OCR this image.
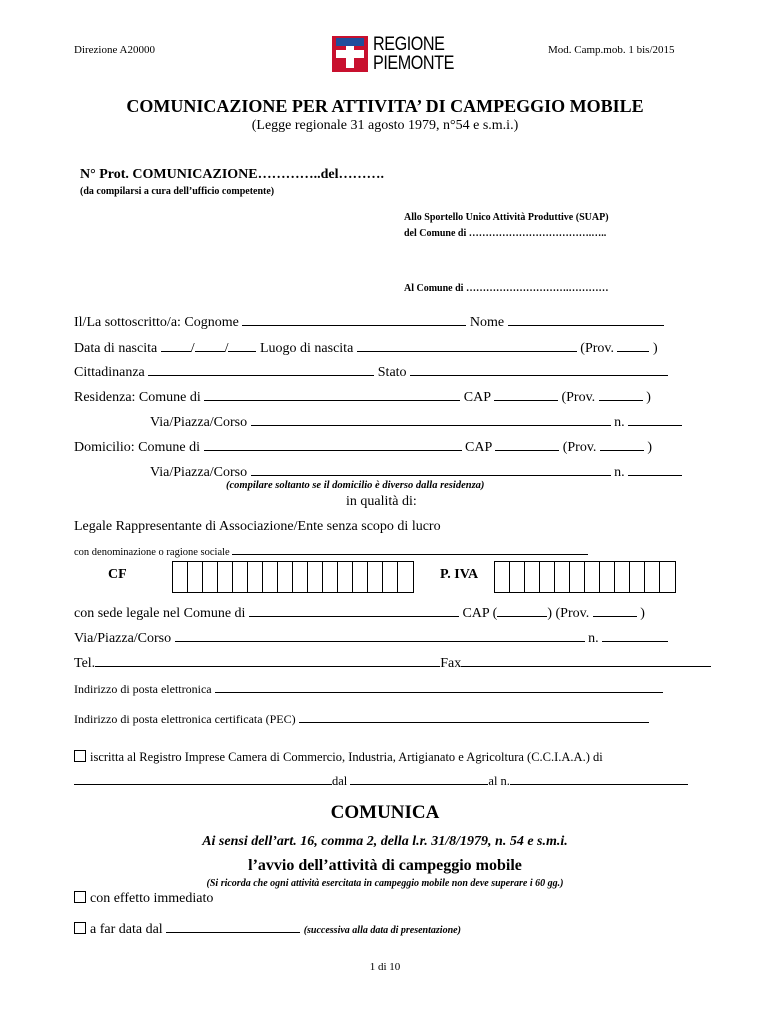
Direzione A20000	Mod. Camp.mob. 1 bis/2015
REGIONE
PIEMONTE
COMUNICAZIONE PER ATTIVITA’ DI CAMPEGGIO MOBILE
(Legge regionale 31 agosto 1979, n°54 e s.m.i.)
N° Prot. COMUNICAZIONE…………..del……….
(da compilarsi a cura dell’ufficio competente)
Allo Sportello Unico Attività Produttive (SUAP)
del Comune di ……………………………….…..
Al Comune di ………………………….…………
Il/La sottoscritto/a: Cognome	Nome
Data di nascita / / Luogo di nascita	(Prov.	)
Cittadinanza	Stato
Residenza: Comune di	CAP	(Prov.	)
Via/Piazza/Corso	n.
Domicilio: Comune di	CAP	(Prov.	)
Via/Piazza/Corso	n.
(compilare soltanto se il domicilio è diverso dalla residenza)
in qualità di:
Legale Rappresentante di Associazione/Ente senza scopo di lucro
con denominazione o ragione sociale
CF	P. IVA
con sede legale nel Comune di	CAP (	) (Prov.	)
Via/Piazza/Corso	n.
Tel.	Fax
Indirizzo di posta elettronica
Indirizzo di posta elettronica certificata (PEC)
iscritta al Registro Imprese Camera di Commercio, Industria, Artigianato e Agricoltura (C.C.I.A.A.) di
dal	al n.
COMUNICA
Ai sensi dell’art. 16, comma 2, della l.r. 31/8/1979, n. 54 e s.m.i.
l’avvio dell’attività di campeggio mobile
(Si ricorda che ogni attività esercitata in campeggio mobile non deve superare i 60 gg.)
con effetto immediato
a far data dal	(successiva alla data di presentazione)
1 di 10
